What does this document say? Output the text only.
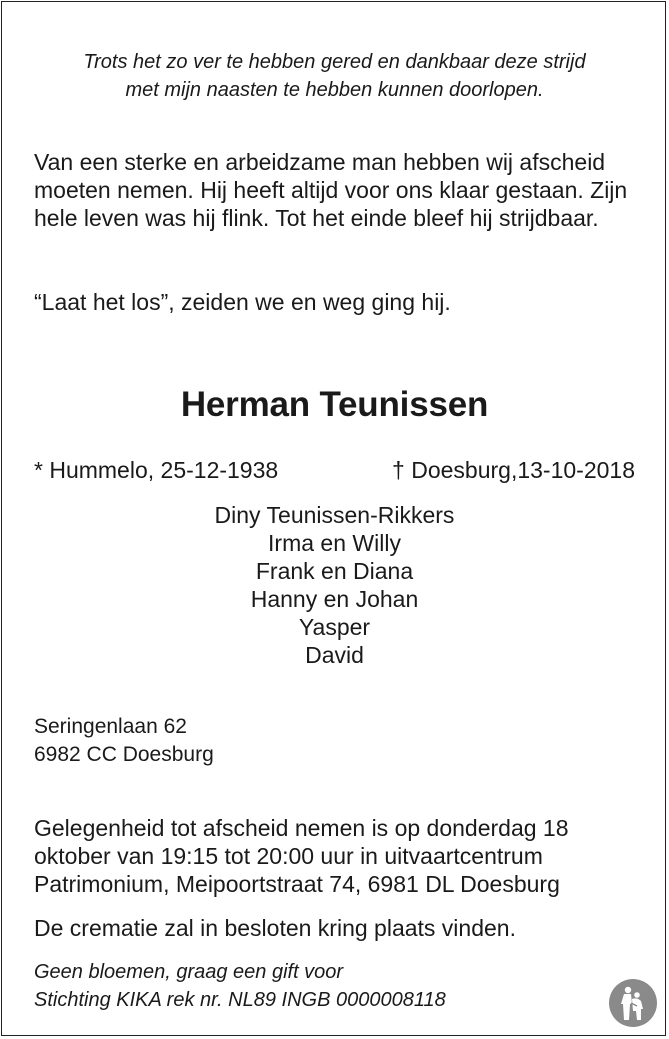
Trots het zo ver te hebben gered en dankbaar deze strijd
met mijn naasten te hebben kunnen doorlopen.
Van een sterke en arbeidzame man hebben wij afscheid moeten nemen. Hij heeft altijd voor ons klaar gestaan. Zijn hele leven was hij flink. Tot het einde bleef hij strijdbaar.
“Laat het los”, zeiden we en weg ging hij.
Herman Teunissen
* Hummelo, 25-12-1938	† Doesburg,13-10-2018
Diny Teunissen-Rikkers
Irma en Willy
Frank en Diana
Hanny en Johan
Yasper
David
Seringenlaan 62
6982 CC Doesburg
Gelegenheid tot afscheid nemen is op donderdag 18 oktober van 19:15 tot 20:00 uur in uitvaartcentrum Patrimonium, Meipoortstraat 74, 6981 DL Doesburg
De crematie zal in besloten kring plaats vinden.
Geen bloemen, graag een gift voor
Stichting KIKA rek nr. NL89 INGB 0000008118
